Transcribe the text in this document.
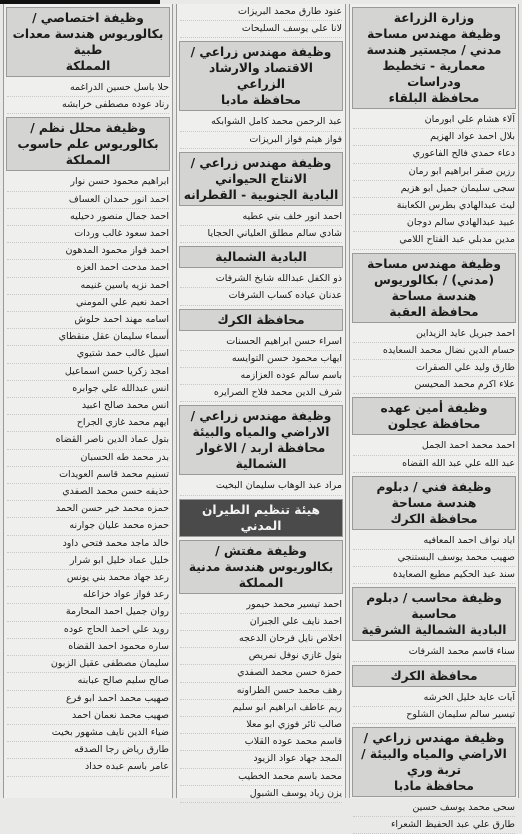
وزارة الزراعة
وظيفة مهندس مساحة مدني / مجستير هندسة معمارية - تخطيط ودراسات
محافظة البلقاء
آلاء هشام علي ابورمان
بلال احمد عواد الهزيم
دعاء حمدي فالح الفاعوري
رزين صقر ابراهيم ابو رمان
سجى سليمان جميل ابو هزيم
ليث عبدالهادي بطرس الكعابنة
عبيد عبدالهادي سالم دوجان
مدين مدبلي عبد الفتاح اللامي
وظيفة مهندس مساحة (مدني) / بكالوريوس هندسة مساحة
محافظة العقبة
احمد جبريل عايد الزيداين
حسام الدين نضال محمد السعايده
طارق وليد علي الصقرات
علاء اكرم محمد المحيسن
وظيفة أمين عهده
محافظة عجلون
احمد محمد احمد الجمل
عبد الله علي عبد الله القضاه
وظيفة فني / دبلوم هندسة مساحة
محافظة الكرك
اياد نواف احمد المعافيه
صهيب محمد يوسف البستنجي
سند عبد الحكيم مطيع الصعايدة
وظيفة محاسب / دبلوم محاسبة
البادية الشمالية الشرقية
سناء قاسم محمد الشرفات
محافظة الكرك
آيات عايد خليل الخرشه
تيسير سالم سليمان الشلوح
وظيفة مهندس زراعي / الاراضي والمياه والبيئة / تربة وري
محافظة مادبا
سحى محمد يوسف حسين
طارق علي عبد الحفيظ الشعراء
عنود طارق محمد البريزات
لانا علي يوسف السليحات
وظيفة مهندس زراعي / الاقتصاد والارشاد الزراعي
محافظة مادبا
عبد الرحمن محمد كامل الشوابكه
فواز هيثم فواز البريزات
وظيفة مهندس زراعي / الانتاج الحيواني
البادية الجنوبية - القطرانه
احمد انور خلف بني عطيه
شادي سالم مطلق العلياني الحجايا
البادية الشمالية
ذو الكفل عبدالله شابخ الشرفات
عدنان عياده كساب الشرفات
محافظة الكرك
اسراء حسن ابراهيم الحسنات
ايهاب محمود حسن التوايسه
باسم سالم عوده العزازمه
شرف الدين محمد فلاح الصرايره
وظيفة مهندس زراعي / الاراضي والمياه والبيئة
محافظة اربد / الاغوار الشمالية
مراد عبد الوهاب سليمان البخيت
هيئة تنظيم الطيران المدني
وظيفة مفتش / بكالوريوس هندسة مدنية
المملكة
احمد تيسير محمد حيمور
احمد نايف علي الجبران
اخلاص نايل فرحان الدعجه
بتول غازي نوفل نمريص
حمزة حسن محمد الصفدي
رهف محمد حسن الطراونه
ريم عاطف ابراهيم ابو سليم
صالب ثائر فوزي ابو معلا
قاسم محمد عوده القلاب
المجد جهاد عواد الزيود
محمد باسم محمد الخطيب
يزن زياد يوسف الشبول
وظيفة اختصاصي / بكالوريوس هندسة معدات طبية
المملكة
حلا باسل حسين الدراغمه
رناد عوده مصطفى خرابشه
وظيفة محلل نظم / بكالوريوس علم حاسوب
المملكة
ابراهيم محمود حسن نوار
احمد انور حمدان العساف
احمد جمال منصور دحيليه
احمد سعود غالب وردات
احمد فواز محمود المدهون
احمد مدحت احمد العزه
احمد نزيه ياسين غنيمه
احمد نعيم علي المومني
اسامه مهند احمد حلوش
أسماء سليمان عقل منقطاي
اسيل غالب حمد شتيوي
امجد زكريا حسن اسماعيل
انس عبدالله علي جوابره
انس محمد صالح اعبيد
ايهم محمد غازي الجراح
بتول عماد الدين ناصر القضاه
بدر محمد طه الحسبان
تسنيم محمد قاسم العويدات
حذيفه حسن محمد الصفدي
حمزه محمد خير حسن الحمد
حمزه محمد عليان جوارنه
خالد ماجد محمد فتحي داود
خليل عماد خليل ابو شرار
رعد جهاد محمد بني يونس
رعد فواز عواد خزاعله
روان جميل احمد المحارمة
رويد علي احمد الحاج عوده
ساره محمود احمد القضاه
سليمان مصطفى عقيل الزبون
صالح سليم صالح عبابنه
صهيب محمد احمد ابو فرع
صهيب محمد نعمان احمد
ضياء الدين نايف مشهور بخيت
طارق رياض رجا الصدقه
عامر باسم عبده حداد
